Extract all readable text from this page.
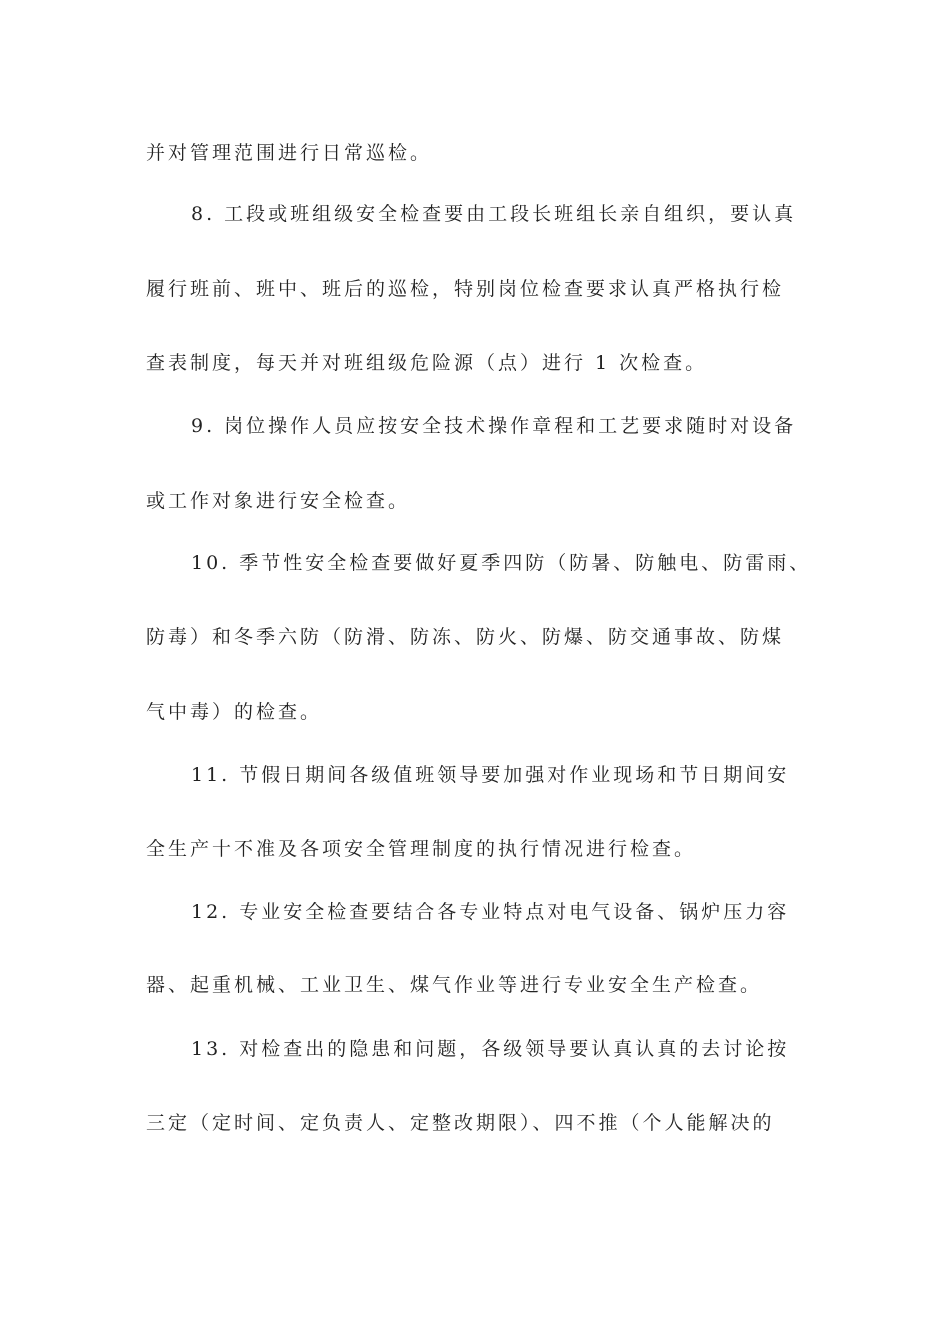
并对管理范围进行日常巡检。

8. 工段或班组级安全检查要由工段长班组长亲自组织，要认真

履行班前、班中、班后的巡检，特别岗位检查要求认真严格执行检

查表制度，每天并对班组级危险源（点）进行 1 次检查。

9. 岗位操作人员应按安全技术操作章程和工艺要求随时对设备

或工作对象进行安全检查。

10. 季节性安全检查要做好夏季四防（防暑、防触电、防雷雨、

防毒）和冬季六防（防滑、防冻、防火、防爆、防交通事故、防煤

气中毒）的检查。

11. 节假日期间各级值班领导要加强对作业现场和节日期间安

全生产十不准及各项安全管理制度的执行情况进行检查。

12. 专业安全检查要结合各专业特点对电气设备、锅炉压力容

器、起重机械、工业卫生、煤气作业等进行专业安全生产检查。

13. 对检查出的隐患和问题，各级领导要认真认真的去讨论按

三定（定时间、定负责人、定整改期限）、四不推（个人能解决的
